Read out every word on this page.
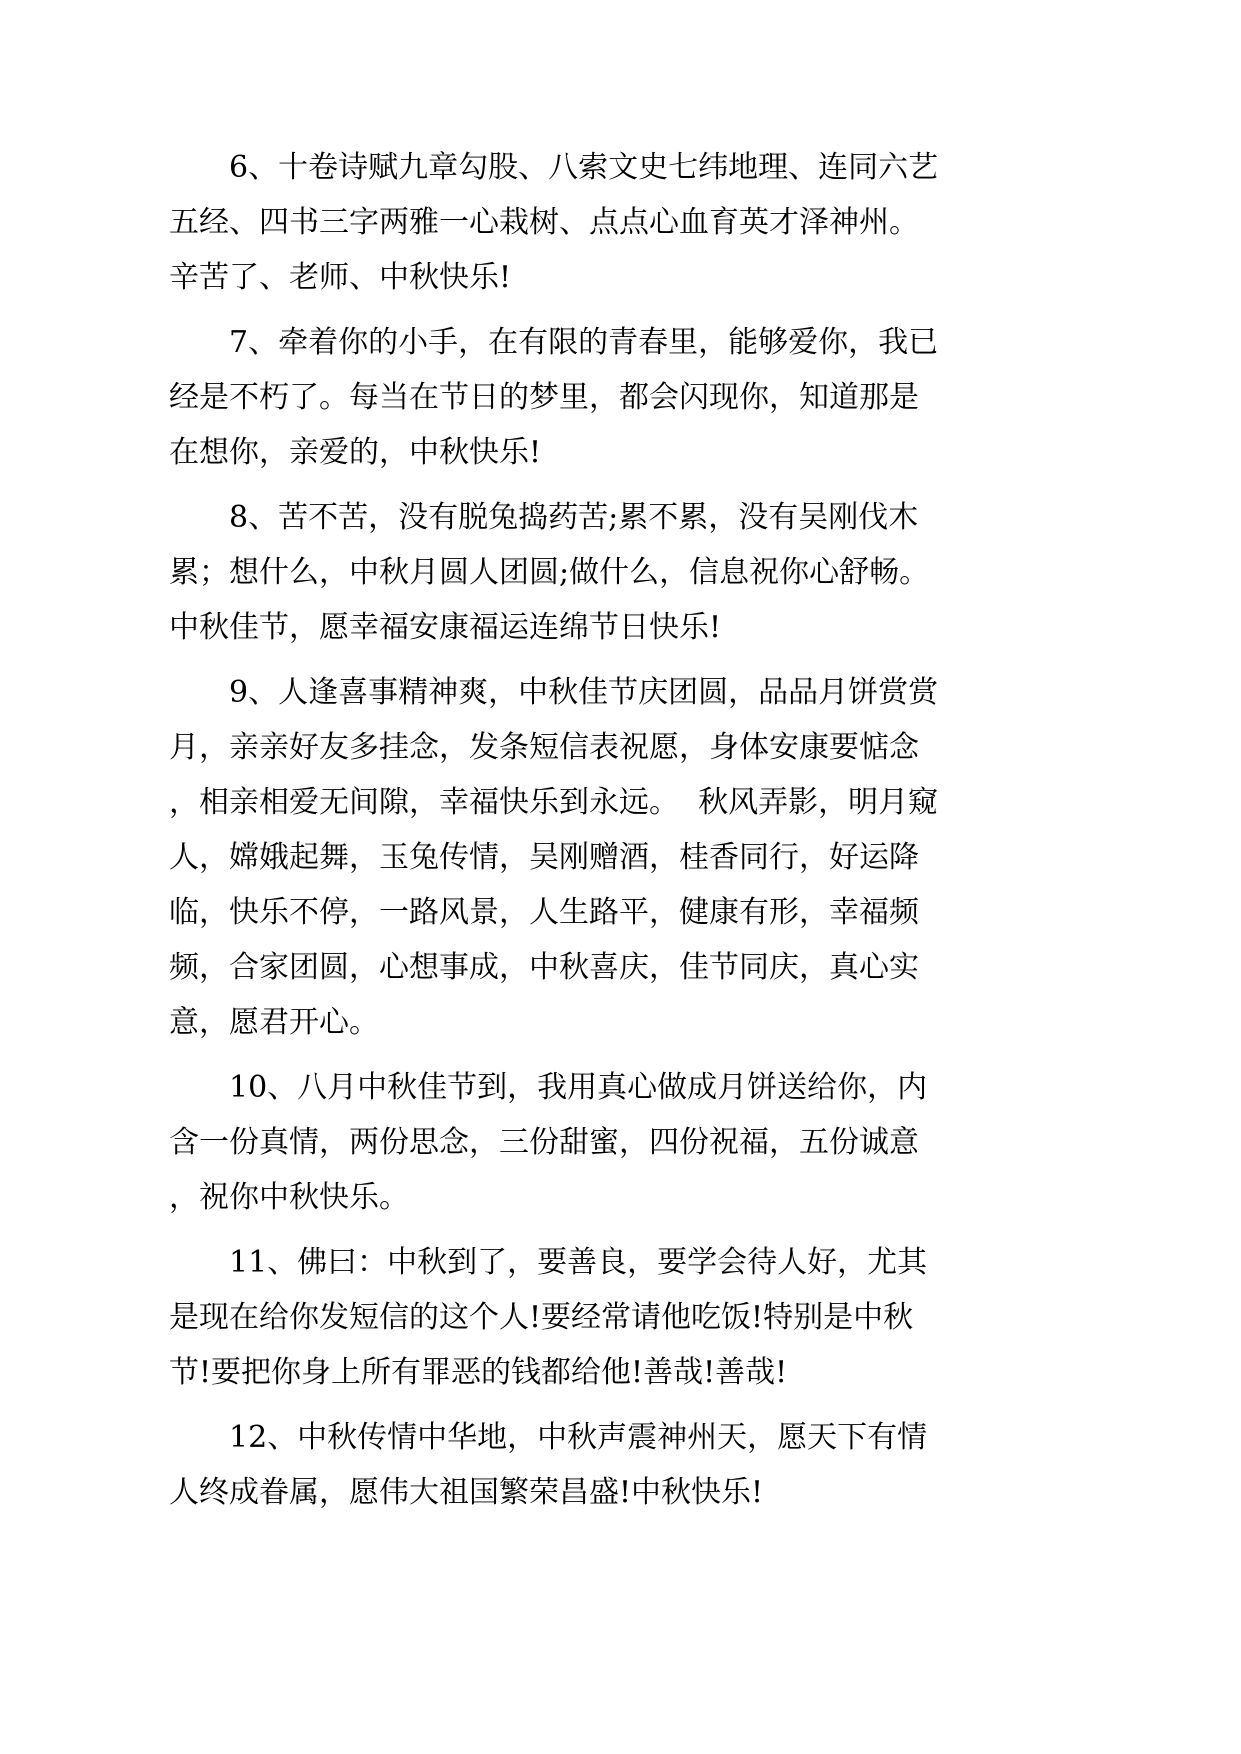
6、十卷诗赋九章勾股、八索文史七纬地理、连同六艺五经、四书三字两雅一心栽树、点点心血育英才泽神州。辛苦了、老师、中秋快乐!

7、牵着你的小手，在有限的青春里，能够爱你，我已经是不朽了。每当在节日的梦里，都会闪现你，知道那是在想你，亲爱的，中秋快乐!

8、苦不苦，没有脱兔捣药苦;累不累，没有吴刚伐木累；想什么，中秋月圆人团圆;做什么，信息祝你心舒畅。中秋佳节，愿幸福安康福运连绵节日快乐!

9、人逢喜事精神爽，中秋佳节庆团圆，品品月饼赏赏月，亲亲好友多挂念，发条短信表祝愿，身体安康要惦念，相亲相爱无间隙，幸福快乐到永远。  秋风弄影，明月窥人，嫦娥起舞，玉兔传情，吴刚赠酒，桂香同行，好运降临，快乐不停，一路风景，人生路平，健康有形，幸福频频，合家团圆，心想事成，中秋喜庆，佳节同庆，真心实意，愿君开心。

10、八月中秋佳节到，我用真心做成月饼送给你，内含一份真情，两份思念，三份甜蜜，四份祝福，五份诚意，祝你中秋快乐。

11、佛曰：中秋到了，要善良，要学会待人好，尤其是现在给你发短信的这个人!要经常请他吃饭!特别是中秋节!要把你身上所有罪恶的钱都给他!善哉!善哉!

12、中秋传情中华地，中秋声震神州天，愿天下有情人终成眷属，愿伟大祖国繁荣昌盛!中秋快乐!
